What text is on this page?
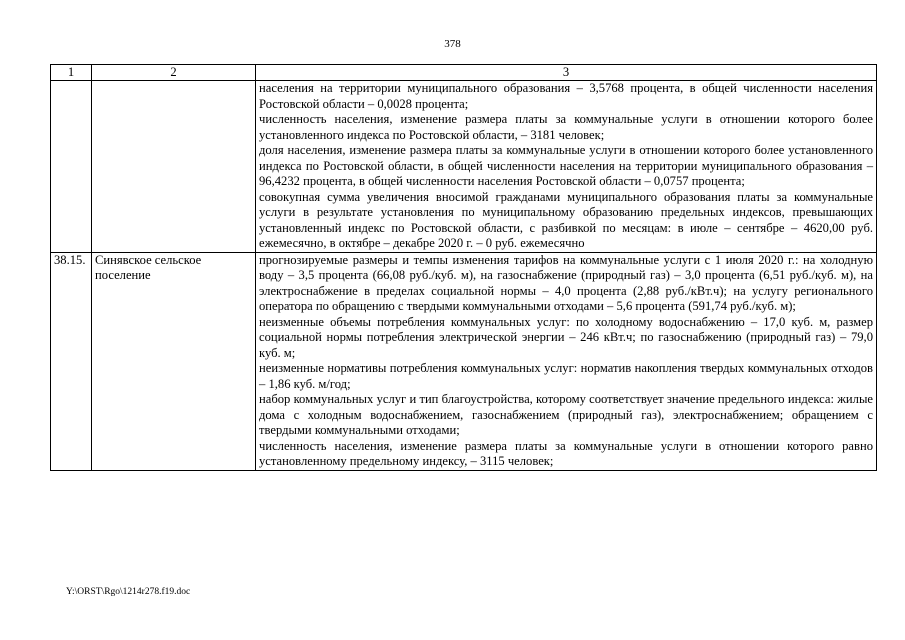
378
1	2	3

		населения на территории муниципального образования – 3,5768 процента, в общей численности населения Ростовской области – 0,0028 процента;

численность населения, изменение размера платы за коммунальные услуги в отношении которого более установленного индекса по Ростовской области, – 3181 человек;

доля населения, изменение размера платы за коммунальные услуги в отношении которого более установленного индекса по Ростовской области, в общей численности населения на территории муниципального образования – 96,4232 процента, в общей численности населения Ростовской области – 0,0757 процента;

совокупная сумма увеличения вносимой гражданами муниципального образования платы за коммунальные услуги в результате установления по муниципальному образованию предельных индексов, превышающих установленный индекс по Ростовской области, с разбивкой по месяцам: в июле – сентябре – 4620,00 руб. ежемесячно, в октябре – декабре 2020 г. – 0 руб. ежемесячно

38.15.	Синявское сельское поселение	прогнозируемые размеры и темпы изменения тарифов на коммунальные услуги с 1 июля 2020 г.: на холодную воду – 3,5 процента (66,08 руб./куб. м), на газоснабжение (природный газ) – 3,0 процента (6,51 руб./куб. м), на электроснабжение в пределах социальной нормы – 4,0 процента (2,88 руб./кВт.ч); на услугу регионального оператора по обращению с твердыми коммунальными отходами – 5,6 процента (591,74 руб./куб. м);

неизменные объемы потребления коммунальных услуг: по холодному водоснабжению – 17,0 куб. м, размер социальной нормы потребления электрической энергии – 246 кВт.ч; по газоснабжению (природный газ) – 79,0 куб. м;

неизменные нормативы потребления коммунальных услуг: норматив накопления твердых коммунальных отходов – 1,86 куб. м/год;

набор коммунальных услуг и тип благоустройства, которому соответствует значение предельного индекса: жилые дома с холодным водоснабжением, газоснабжением (природный газ), электроснабжением; обращением с твердыми коммунальными отходами;

численность населения, изменение размера платы за коммунальные услуги в отношении которого равно установленному предельному индексу, – 3115 человек;

Y:\ORST\Rgo\1214r278.f19.doc
